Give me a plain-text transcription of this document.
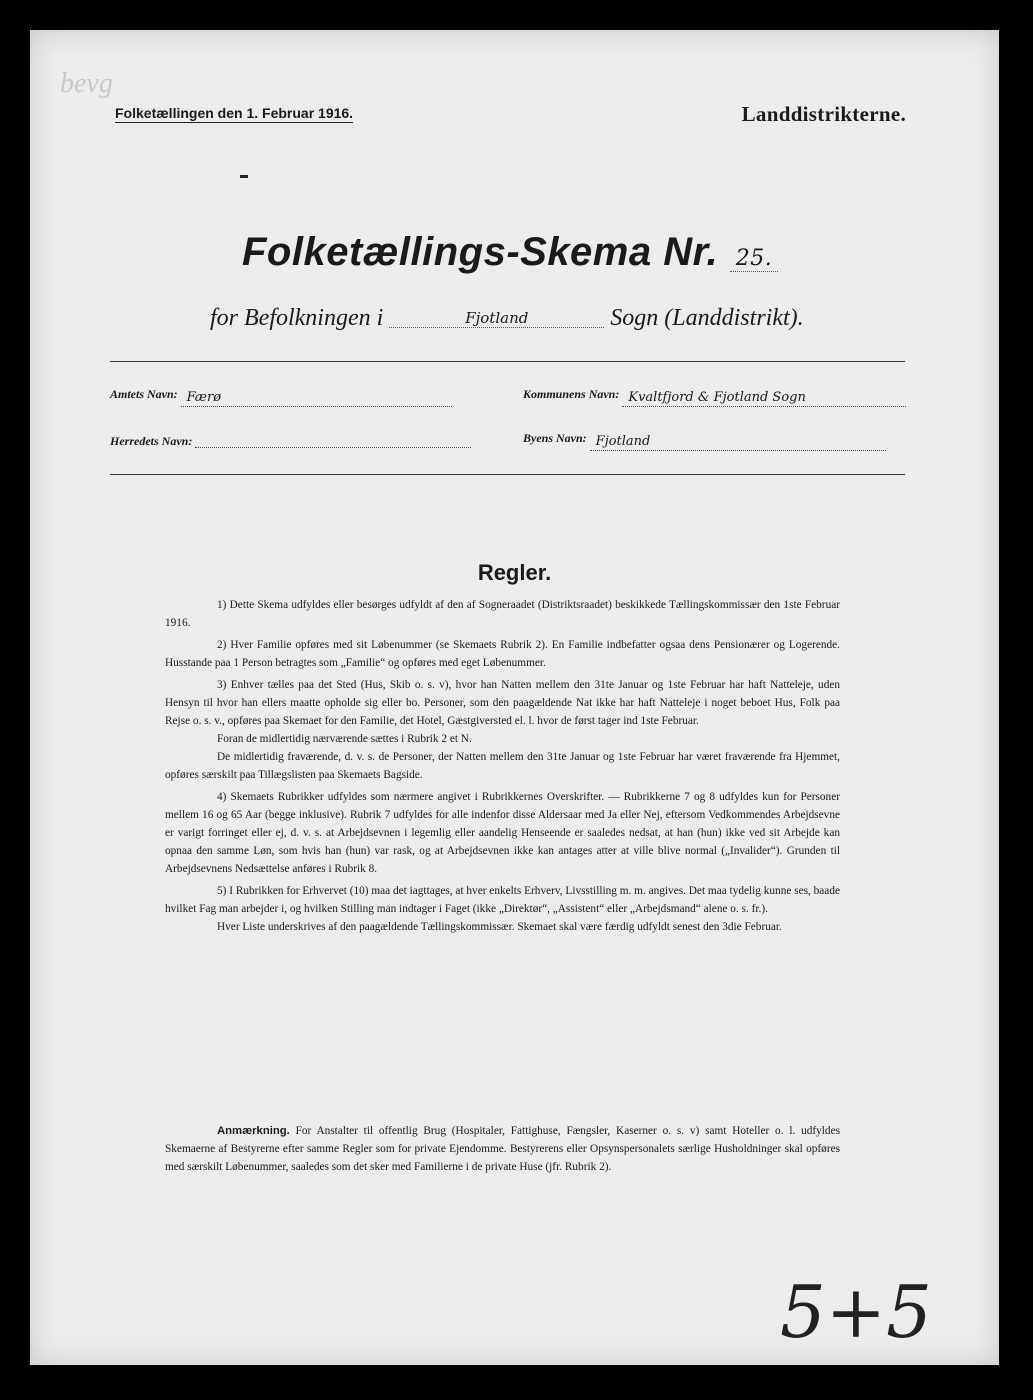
bevg
Folketællingen den 1. Februar 1916.	Landdistrikterne.
Folketællings-Skema Nr. 25.
for Befolkningen i	Fjotland	Sogn (Landdistrikt).
Amtets Navn: Færø	Kommunens Navn: Kvaltfjord & Fjotland Sogn
Herredets Navn:	Byens Navn: Fjotland
Regler.

1) Dette Skema udfyldes eller besørges udfyldt af den af Sogneraadet (Distriktsraadet) beskikkede Tællingskommissær den 1ste Februar 1916.

2) Hver Familie opføres med sit Løbenummer (se Skemaets Rubrik 2). En Familie indbefatter ogsaa dens Pensionærer og Logerende. Husstande paa 1 Person betragtes som „Familie“ og opføres med eget Løbenummer.

3) Enhver tælles paa det Sted (Hus, Skib o. s. v), hvor han Natten mellem den 31te Januar og 1ste Februar har haft Natteleje, uden Hensyn til hvor han ellers maatte opholde sig eller bo. Personer, som den paagældende Nat ikke har haft Natteleje i noget beboet Hus, Folk paa Rejse o. s. v., opføres paa Skemaet for den Familie, det Hotel, Gæstgiversted el. l. hvor de først tager ind 1ste Februar.

Foran de midlertidig nærværende sættes i Rubrik 2 et N.

De midlertidig fraværende, d. v. s. de Personer, der Natten mellem den 31te Januar og 1ste Februar har været fraværende fra Hjemmet, opføres særskilt paa Tillægslisten paa Skemaets Bagside.

4) Skemaets Rubrikker udfyldes som nærmere angivet i Rubrikkernes Overskrifter. — Rubrikkerne 7 og 8 udfyldes kun for Personer mellem 16 og 65 Aar (begge inklusive). Rubrik 7 udfyldes for alle indenfor disse Aldersaar med Ja eller Nej, eftersom Vedkommendes Arbejdsevne er varigt forringet eller ej, d. v. s. at Arbejdsevnen i legemlig eller aandelig Henseende er saaledes nedsat, at han (hun) ikke ved sit Arbejde kan opnaa den samme Løn, som hvis han (hun) var rask, og at Arbejdsevnen ikke kan antages atter at ville blive normal („Invalider“). Grunden til Arbejdsevnens Nedsættelse anføres i Rubrik 8.

5) I Rubrikken for Erhvervet (10) maa det iagttages, at hver enkelts Erhverv, Livsstilling m. m. angives. Det maa tydelig kunne ses, baade hvilket Fag man arbejder i, og hvilken Stilling man indtager i Faget (ikke „Direktør“, „Assistent“ eller „Arbejdsmand“ alene o. s. fr.).

Hver Liste underskrives af den paagældende Tællingskommissær. Skemaet skal være færdig udfyldt senest den 3die Februar.

Anmærkning. For Anstalter til offentlig Brug (Hospitaler, Fattighuse, Fængsler, Kaserner o. s. v) samt Hoteller o. l. udfyldes Skemaerne af Bestyrerne efter samme Regler som for private Ejendomme. Bestyrerens eller Opsynspersonalets særlige Husholdninger skal opføres med særskilt Løbenummer, saaledes som det sker med Familierne i de private Huse (jfr. Rubrik 2).

5+5
